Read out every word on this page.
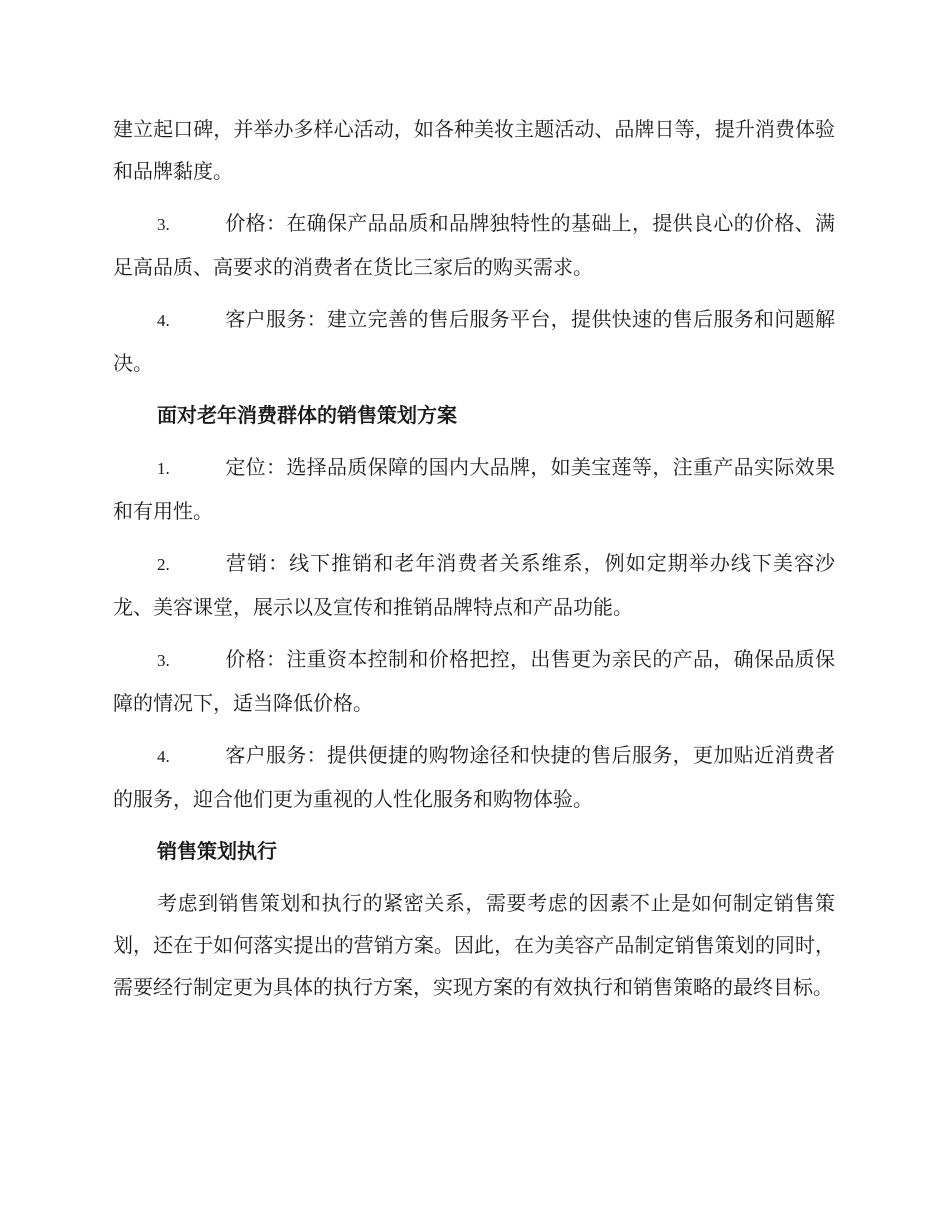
建立起口碑，并举办多样心活动，如各种美妆主题活动、品牌日等，提升消费体验和品牌黏度。

3.	价格：在确保产品品质和品牌独特性的基础上，提供良心的价格、满足高品质、高要求的消费者在货比三家后的购买需求。

4.	客户服务：建立完善的售后服务平台，提供快速的售后服务和问题解决。

面对老年消费群体的销售策划方案

1.	定位：选择品质保障的国内大品牌，如美宝莲等，注重产品实际效果和有用性。

2.	营销：线下推销和老年消费者关系维系，例如定期举办线下美容沙龙、美容课堂，展示以及宣传和推销品牌特点和产品功能。

3.	价格：注重资本控制和价格把控，出售更为亲民的产品，确保品质保障的情况下，适当降低价格。

4.	客户服务：提供便捷的购物途径和快捷的售后服务，更加贴近消费者的服务，迎合他们更为重视的人性化服务和购物体验。

销售策划执行

考虑到销售策划和执行的紧密关系，需要考虑的因素不止是如何制定销售策划，还在于如何落实提出的营销方案。因此，在为美容产品制定销售策划的同时，需要经行制定更为具体的执行方案，实现方案的有效执行和销售策略的最终目标。
